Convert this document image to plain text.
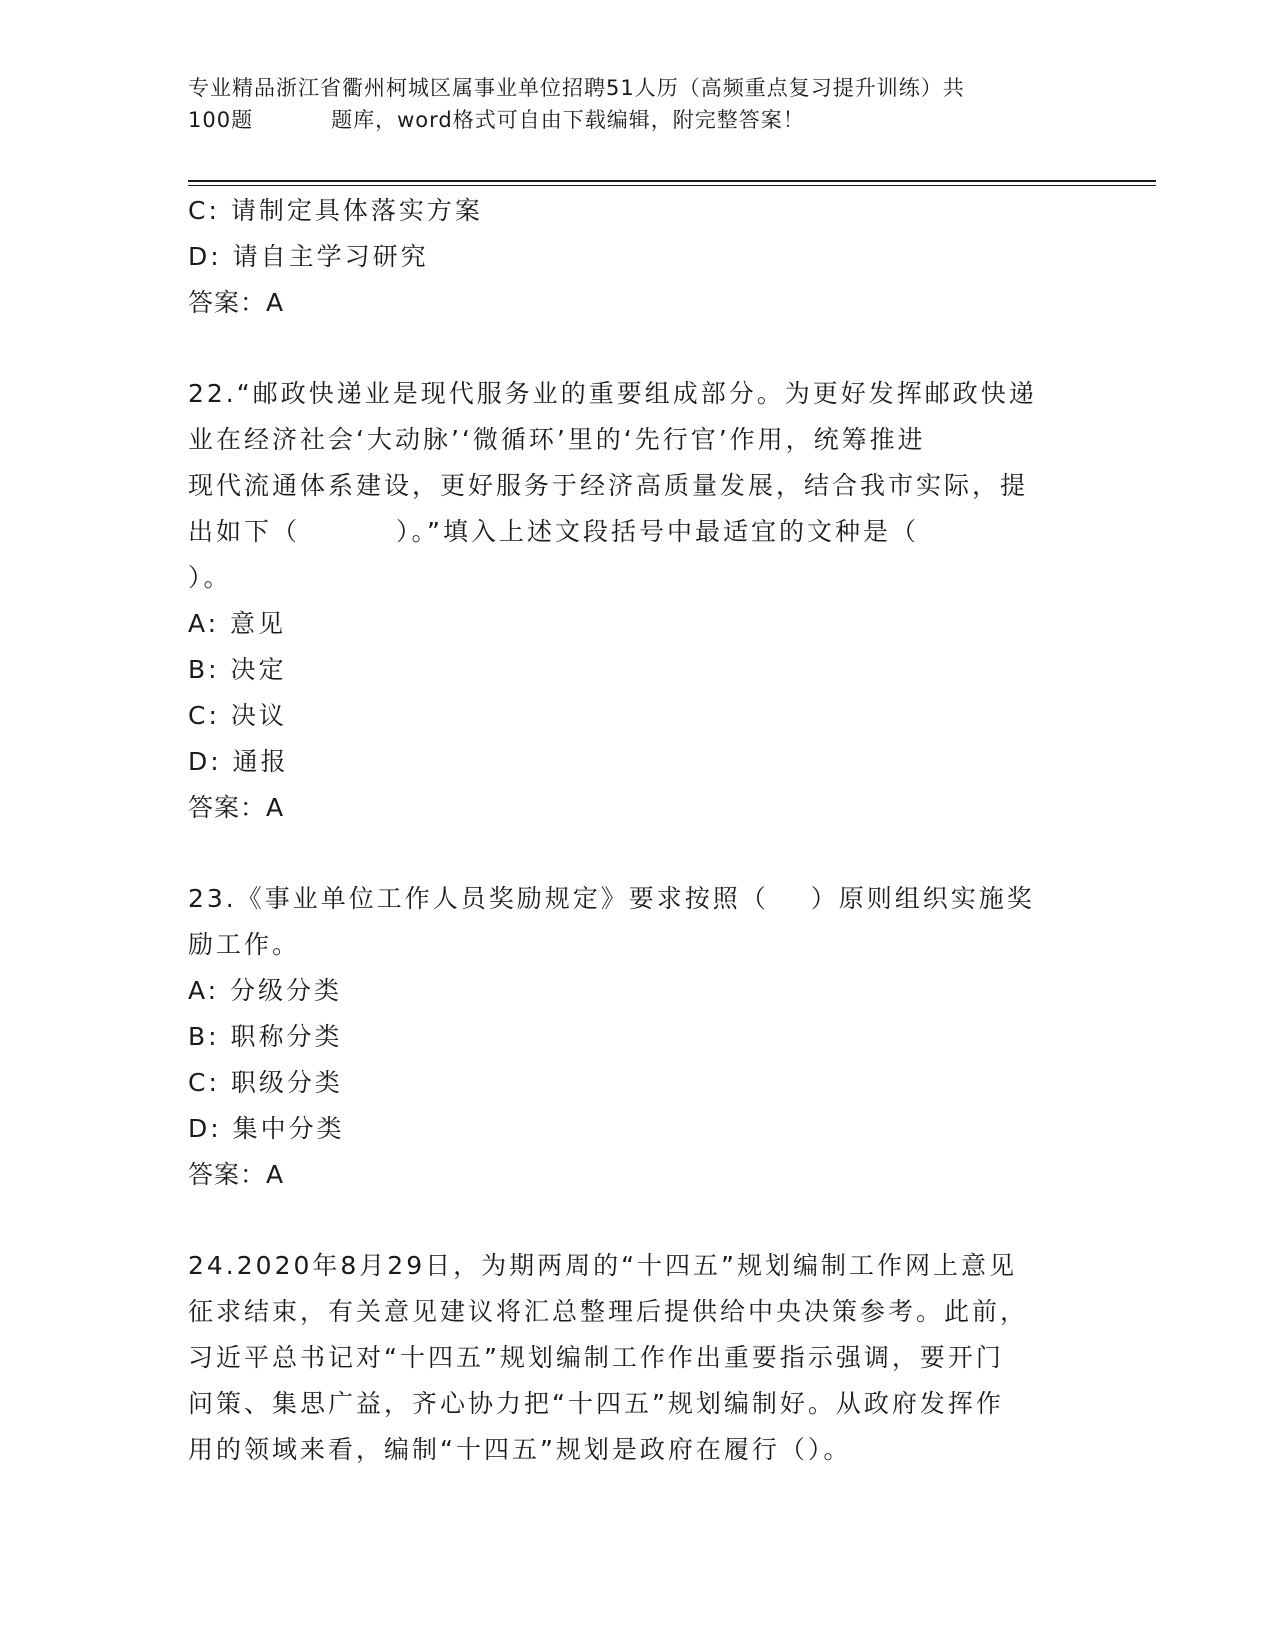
专业精品浙江省衢州柯城区属事业单位招聘51人历（高频重点复习提升训练）共
100题	题库，word格式可自由下载编辑，附完整答案！
C: 请制定具体落实方案
D: 请自主学习研究
答案：A
22.“邮政快递业是现代服务业的重要组成部分。为更好发挥邮政快递
业在经济社会‘大动脉’‘微循环’里的‘先行官’作用，统筹推进
现代流通体系建设，更好服务于经济高质量发展，结合我市实际，提
出如下（	）。”填入上述文段括号中最适宜的文种是（
）。
A: 意见
B: 决定
C: 决议
D: 通报
答案：A
23.《事业单位工作人员奖励规定》要求按照（ ）原则组织实施奖
励工作。
A: 分级分类
B: 职称分类
C: 职级分类
D: 集中分类
答案：A
24.2020年8月29日，为期两周的“十四五”规划编制工作网上意见
征求结束，有关意见建议将汇总整理后提供给中央决策参考。此前，
习近平总书记对“十四五”规划编制工作作出重要指示强调，要开门
问策、集思广益，齐心协力把“十四五”规划编制好。从政府发挥作
用的领域来看，编制“十四五”规划是政府在履行（）。
